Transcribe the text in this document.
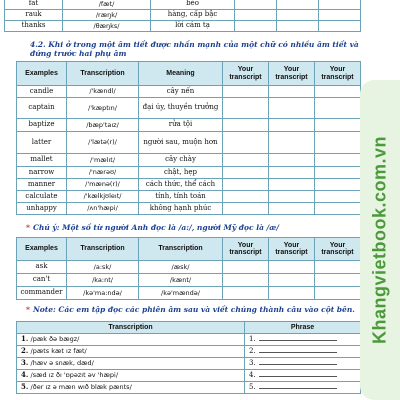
fat	/fæt/	béo			
rauk	/ræŋk/	hàng, cấp bậc			
thanks	/θæŋks/	lời cảm tạ			
4.2. Khi ở trong một âm tiết được nhấn mạnh của một chữ có nhiều âm tiết và đứng trước hai phụ âm
Examples	Transcription	Meaning	Your transcript	Your transcript	Your transcript
candle	/'kændl/	cây nến			
captain	/'kæptın/	đại úy, thuyền trưởng			
baptize	/bæp'taız/	rửa tội			
latter	/'lætə(r)/	người sau, muộn hơn			
mallet	/'mælıt/	cây chày			
narrow	/'nærəʊ/	chật, hẹp			
manner	/'mænə(r)/	cách thức, thể cách			
calculate	/'kælkjʊleıt/	tính, tính toán			
unhappy	/ʌn'hæpi/	không hạnh phúc			
* Chú ý: Một số từ người Anh đọc là /a:/, người Mỹ đọc là /æ/
Examples	Transcription	Transcription	Your transcript	Your transcript	Your transcript
ask	/a:sk/	/æsk/			
can't	/ka:nt/	/kænt/			
commander	/kə'ma:ndə/	/kə'mændə/			
* Note: Các em tập đọc các phiên âm sau và viết chúng thành câu vào cột bên.
Transcription	Phrase
1. /pæk ðə bægz/	1.
2. /pæts kæt ız fæt/	2.
3. /hæv ə snæk, dæd/	3.
4. /sæd ız ðı 'ɒpəzıt əv 'hæpi/	4.
5. /ðer ız ə mæn wıð blæk pænts/	5.
Khangvietbook.com.vn
